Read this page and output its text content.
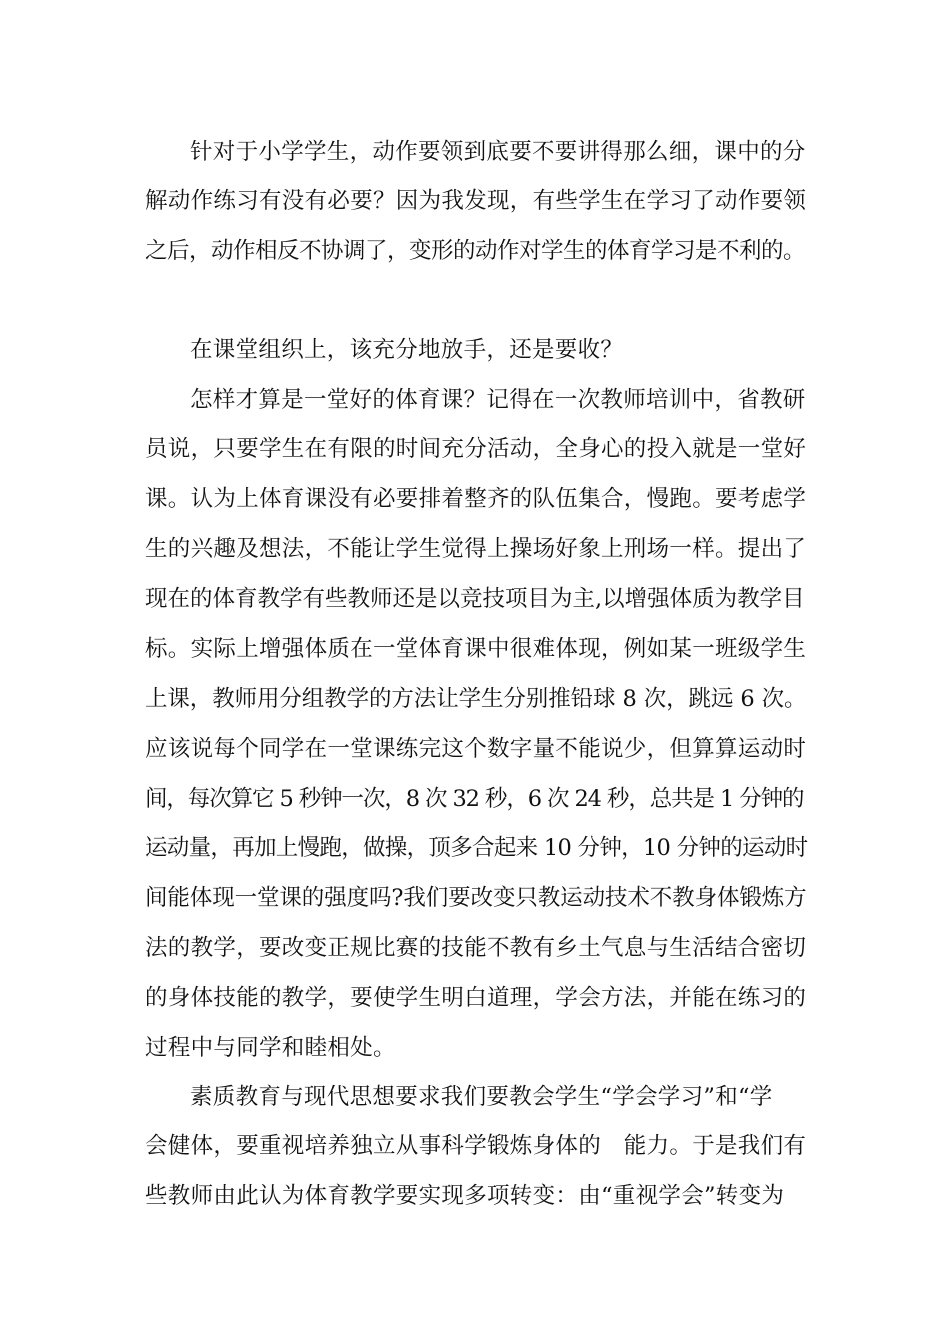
针对于小学学生，动作要领到底要不要讲得那么细，课中的分
解动作练习有没有必要？因为我发现，有些学生在学习了动作要领
之后，动作相反不协调了，变形的动作对学生的体育学习是不利的。
在课堂组织上，该充分地放手，还是要收？
怎样才算是一堂好的体育课？记得在一次教师培训中，省教研
员说，只要学生在有限的时间充分活动，全身心的投入就是一堂好
课。认为上体育课没有必要排着整齐的队伍集合，慢跑。要考虑学
生的兴趣及想法，不能让学生觉得上操场好象上刑场一样。提出了
现在的体育教学有些教师还是以竞技项目为主,以增强体质为教学目
标。实际上增强体质在一堂体育课中很难体现，例如某一班级学生
上课，教师用分组教学的方法让学生分别推铅球 8 次，跳远 6 次。
应该说每个同学在一堂课练完这个数字量不能说少，但算算运动时
间，每次算它 5 秒钟一次，8 次 32 秒，6 次 24 秒，总共是 1 分钟的
运动量，再加上慢跑，做操，顶多合起来 10 分钟，10 分钟的运动时
间能体现一堂课的强度吗?我们要改变只教运动技术不教身体锻炼方
法的教学，要改变正规比赛的技能不教有乡土气息与生活结合密切
的身体技能的教学，要使学生明白道理，学会方法，并能在练习的
过程中与同学和睦相处。
素质教育与现代思想要求我们要教会学生“学会学习”和“学
会健体，要重视培养独立从事科学锻炼身体的　能力。于是我们有
些教师由此认为体育教学要实现多项转变：由“重视学会”转变为
